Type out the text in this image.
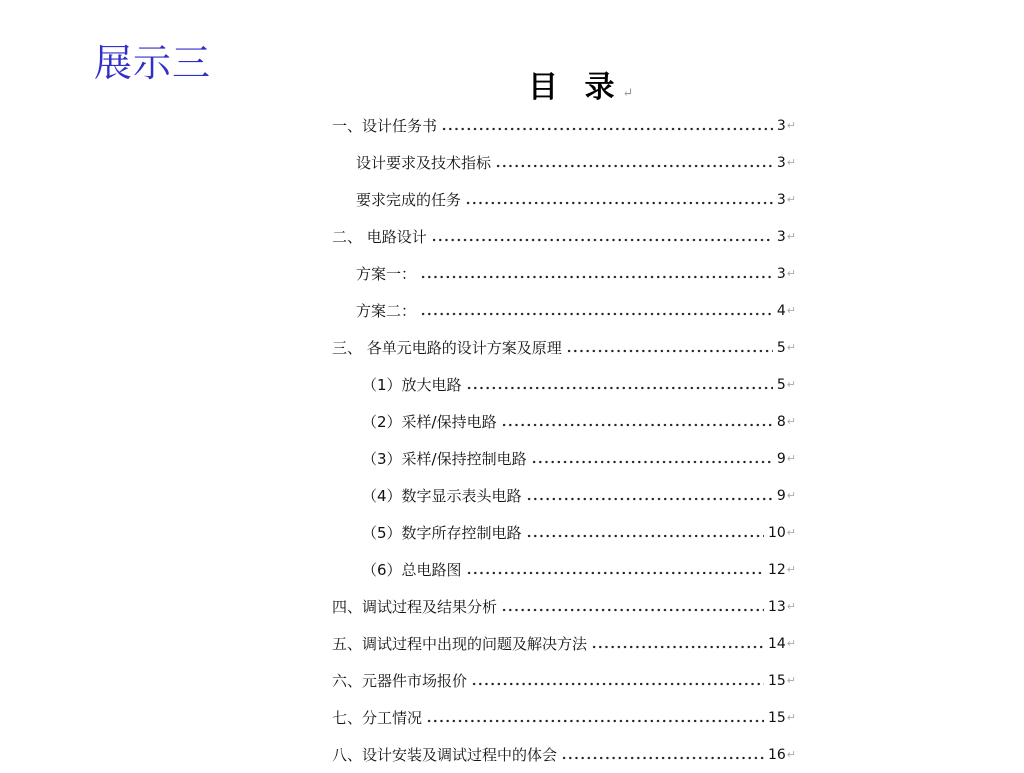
展示三
目 录↵
一、设计任务书	3 ↵
设计要求及技术指标	3 ↵
要求完成的任务	3 ↵
二、 电路设计	3 ↵
方案一：	3 ↵
方案二：	4 ↵
三、 各单元电路的设计方案及原理	5 ↵
（1）放大电路	5 ↵
（2）采样/保持电路	8 ↵
（3）采样/保持控制电路	9 ↵
（4）数字显示表头电路	9 ↵
（5）数字所存控制电路	10 ↵
（6）总电路图	12 ↵
四、调试过程及结果分析	13 ↵
五、调试过程中出现的问题及解决方法	14 ↵
六、元器件市场报价	15 ↵
七、分工情况	15 ↵
八、设计安装及调试过程中的体会	16 ↵
